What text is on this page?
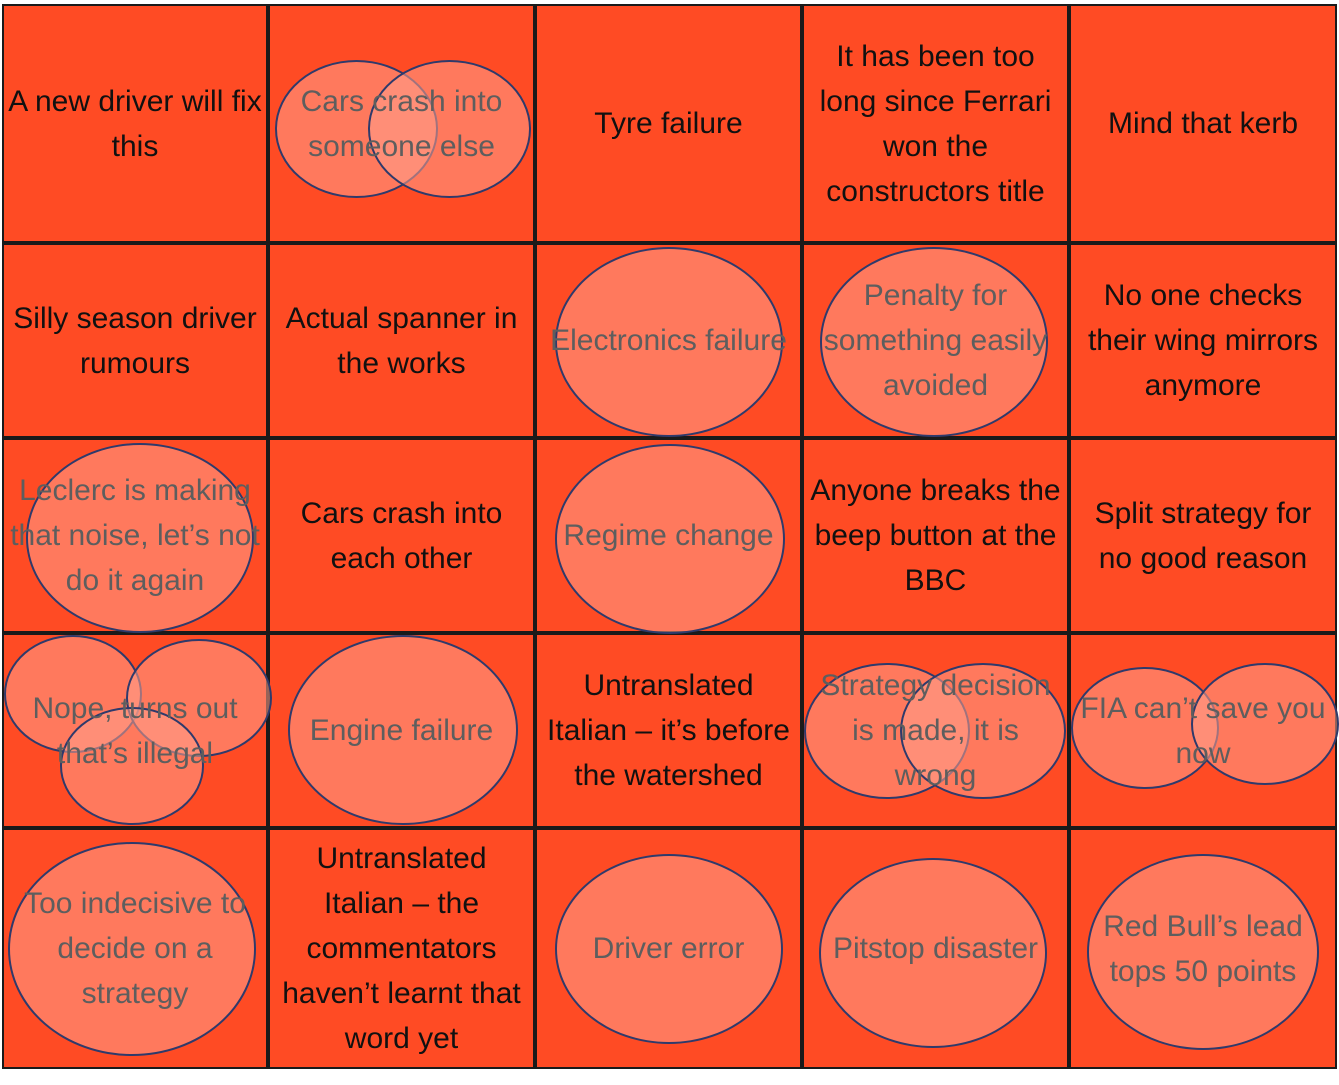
A new driver will fix this
Cars crash into someone else
Tyre failure
It has been too long since Ferrari won the constructors title
Mind that kerb
Silly season driver rumours
Actual spanner in the works
Electronics failure
Penalty for something easily avoided
No one checks their wing mirrors anymore
Leclerc is making that noise, let’s not do it again
Cars crash into each other
Regime change
Anyone breaks the beep button at the BBC
Split strategy for no good reason
Nope, turns out that’s illegal
Engine failure
Untranslated Italian – it’s before the watershed
Strategy decision is made, it is wrong
FIA can’t save you now
Too indecisive to decide on a strategy
Untranslated Italian – the commentators haven’t learnt that word yet
Driver error	Pitstop disaster
Red Bull’s lead tops 50 points
